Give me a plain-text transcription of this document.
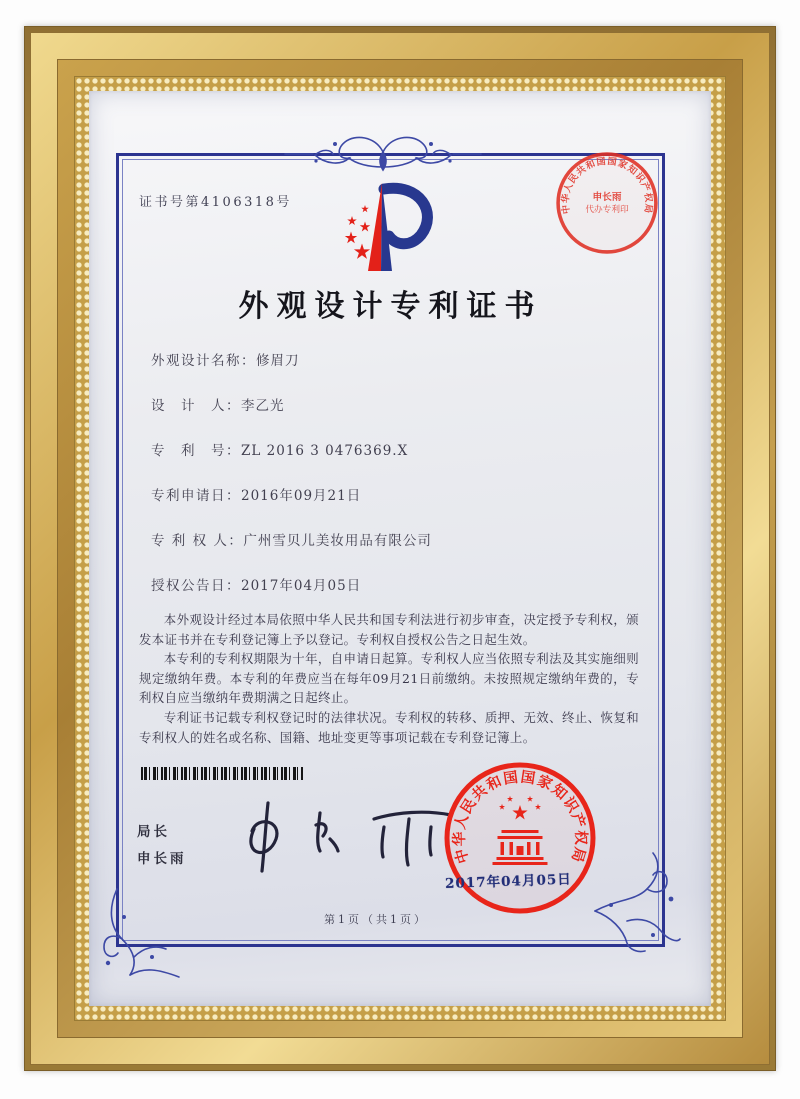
证书号第4106318号
外观设计专利证书
外观设计名称：修眉刀
设　计　人：李乙光
专　利　号：ZL 2016 3 0476369.X
专利申请日：2016年09月21日
专 利 权 人：广州雪贝儿美妆用品有限公司
授权公告日：2017年04月05日

本外观设计经过本局依照中华人民共和国专利法进行初步审查，决定授予专利权，颁发本证书并在专利登记簿上予以登记。专利权自授权公告之日起生效。

本专利的专利权期限为十年，自申请日起算。专利权人应当依照专利法及其实施细则规定缴纳年费。本专利的年费应当在每年09月21日前缴纳。未按照规定缴纳年费的，专利权自应当缴纳年费期满之日起终止。

专利证书记载专利权登记时的法律状况。专利权的转移、质押、无效、终止、恢复和专利权人的姓名或名称、国籍、地址变更等事项记载在专利登记簿上。

局长
申长雨	中华人民共和国国家知识产权局
2017年04月05日
第1页（共1页）
中华人民共和国国家知识产权局
申长雨
代办专利印
